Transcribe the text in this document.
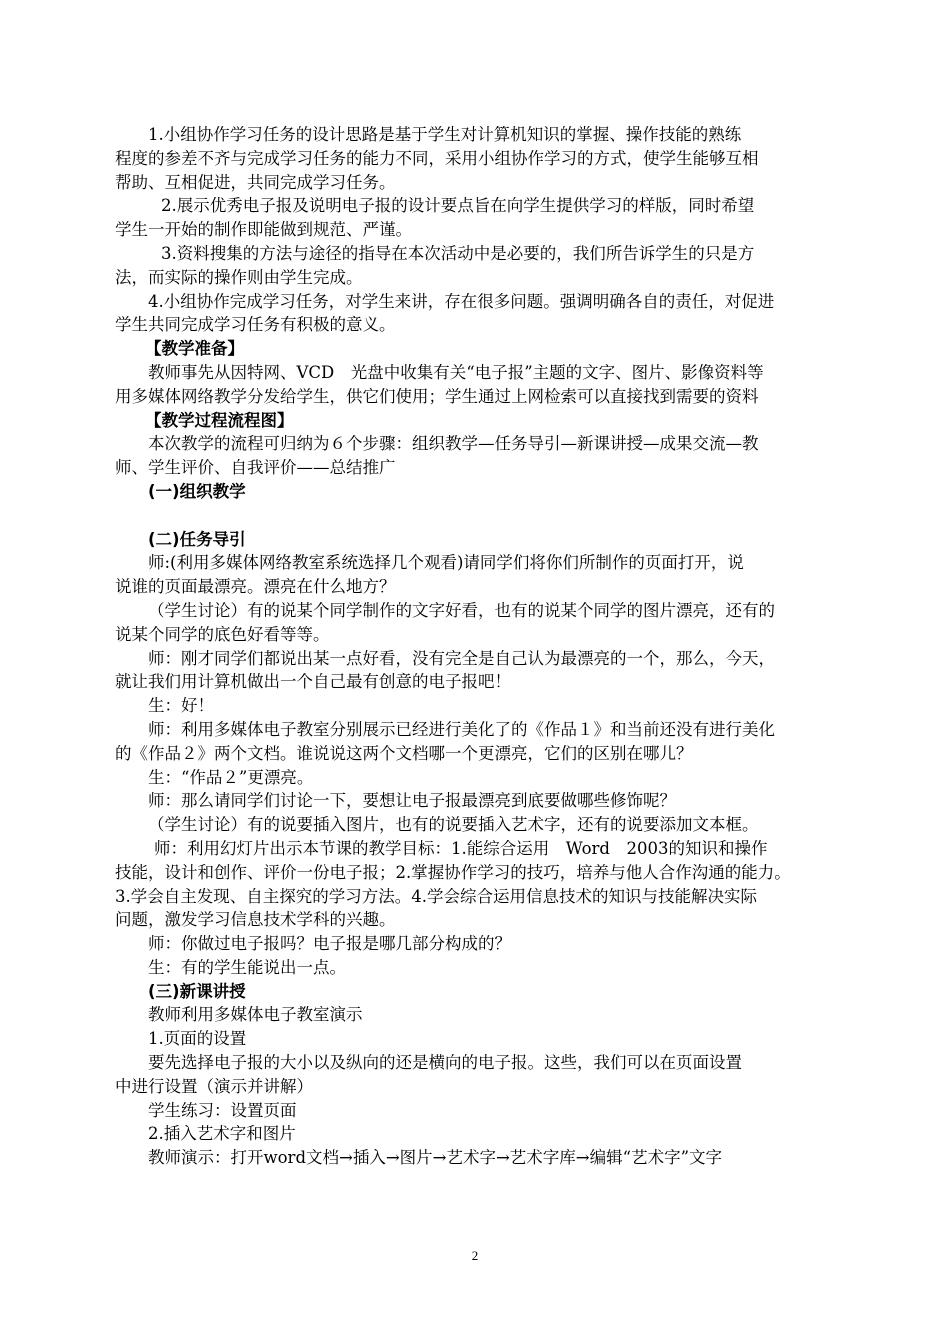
1.小组协作学习任务的设计思路是基于学生对计算机知识的掌握、操作技能的熟练
程度的参差不齐与完成学习任务的能力不同，采用小组协作学习的方式，使学生能够互相
帮助、互相促进，共同完成学习任务。
2.展示优秀电子报及说明电子报的设计要点旨在向学生提供学习的样版，同时希望
学生一开始的制作即能做到规范、严谨。
3.资料搜集的方法与途径的指导在本次活动中是必要的，我们所告诉学生的只是方
法，而实际的操作则由学生完成。
4.小组协作完成学习任务，对学生来讲，存在很多问题。强调明确各自的责任，对促进
学生共同完成学习任务有积极的意义。
【教学准备】
教师事先从因特网、VCD　光盘中收集有关“电子报”主题的文字、图片、影像资料等
用多媒体网络教学分发给学生，供它们使用；学生通过上网检索可以直接找到需要的资料
【教学过程流程图】
本次教学的流程可归纳为６个步骤：组织教学—任务导引—新课讲授—成果交流—教
师、学生评价、自我评价——总结推广
(一)组织教学
(二)任务导引
师:(利用多媒体网络教室系统选择几个观看)请同学们将你们所制作的页面打开，说
说谁的页面最漂亮。漂亮在什么地方？
（学生讨论）有的说某个同学制作的文字好看，也有的说某个同学的图片漂亮，还有的
说某个同学的底色好看等等。
师：刚才同学们都说出某一点好看，没有完全是自己认为最漂亮的一个，那么，今天，
就让我们用计算机做出一个自己最有创意的电子报吧！
生：好！
师：利用多媒体电子教室分别展示已经进行美化了的《作品１》和当前还没有进行美化
的《作品２》两个文档。谁说说这两个文档哪一个更漂亮，它们的区别在哪儿？
生：“作品２”更漂亮。
师：那么请同学们讨论一下，要想让电子报最漂亮到底要做哪些修饰呢？
（学生讨论）有的说要插入图片，也有的说要插入艺术字，还有的说要添加文本框。
师：利用幻灯片出示本节课的教学目标：1.能综合运用　Word　2003的知识和操作
技能，设计和创作、评价一份电子报；2.掌握协作学习的技巧，培养与他人合作沟通的能力。
3.学会自主发现、自主探究的学习方法。4.学会综合运用信息技术的知识与技能解决实际
问题，激发学习信息技术学科的兴趣。
师：你做过电子报吗？电子报是哪几部分构成的？
生：有的学生能说出一点。
(三)新课讲授
教师利用多媒体电子教室演示
1.页面的设置
要先选择电子报的大小以及纵向的还是横向的电子报。这些，我们可以在页面设置
中进行设置（演示并讲解）
学生练习：设置页面
2.插入艺术字和图片
教师演示：打开word文档→插入→图片→艺术字→艺术字库→编辑“艺术字”文字
2
